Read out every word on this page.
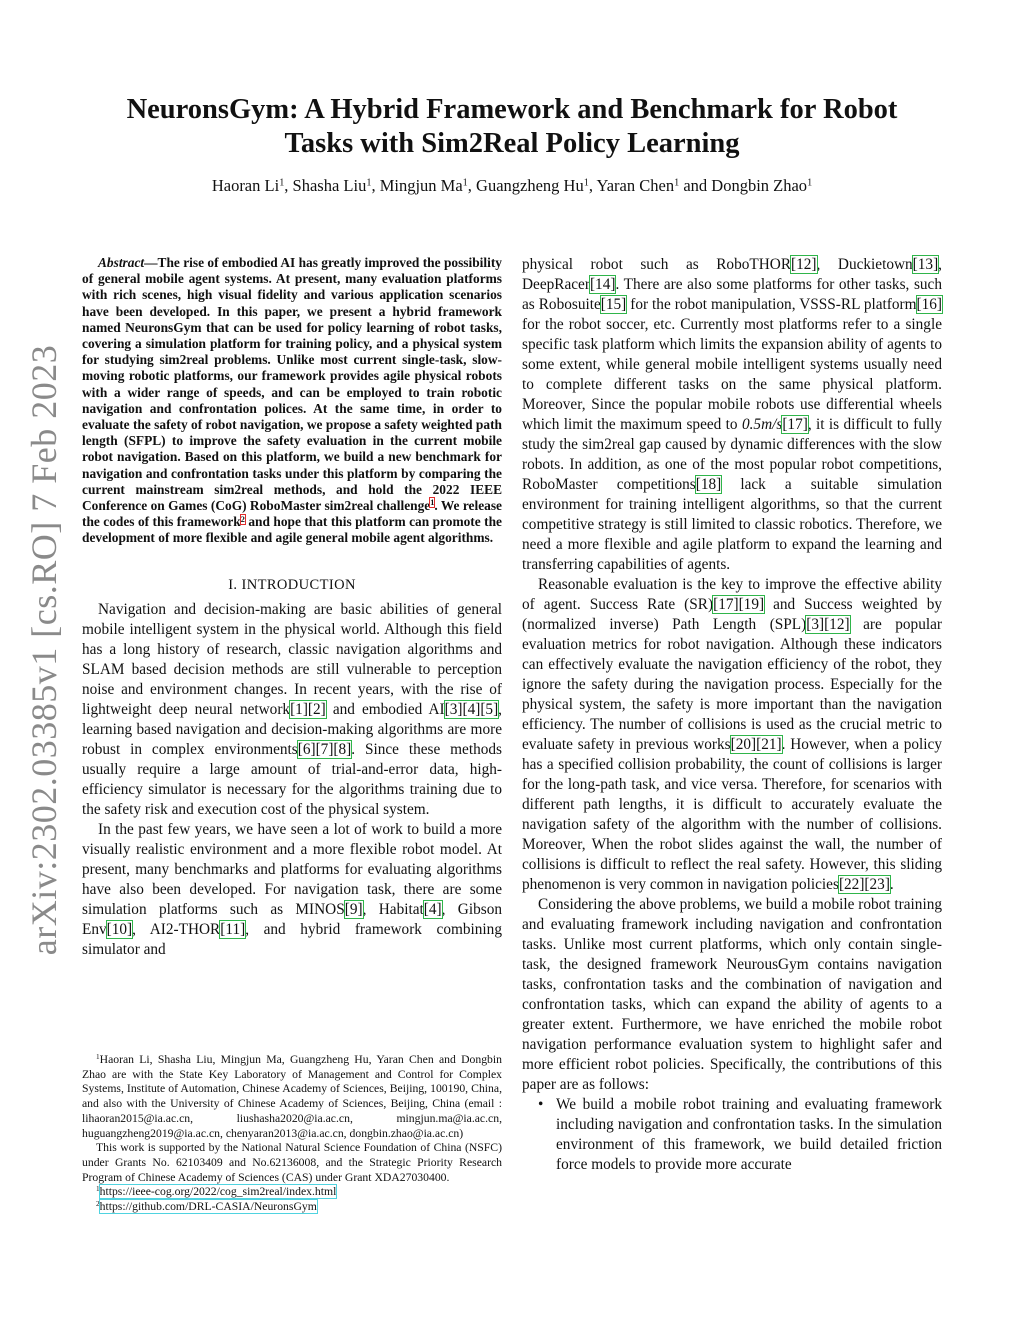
arXiv:2302.03385v1 [cs.RO] 7 Feb 2023
NeuronsGym: A Hybrid Framework and Benchmark for Robot Tasks with Sim2Real Policy Learning
Haoran Li$^1$, Shasha Liu$^1$, Mingjun Ma$^1$, Guangzheng Hu$^1$, Yaran Chen$^1$ and Dongbin Zhao$^1$

Abstract—The rise of embodied AI has greatly improved the possibility of general mobile agent systems. At present, many evaluation platforms with rich scenes, high visual fidelity and various application scenarios have been developed. In this paper, we present a hybrid framework named NeuronsGym that can be used for policy learning of robot tasks, covering a simulation platform for training policy, and a physical system for studying sim2real problems. Unlike most current single-task, slow-moving robotic platforms, our framework provides agile physical robots with a wider range of speeds, and can be employed to train robotic navigation and confrontation polices. At the same time, in order to evaluate the safety of robot navigation, we propose a safety weighted path length (SFPL) to improve the safety evaluation in the current mobile robot navigation. Based on this platform, we build a new benchmark for navigation and confrontation tasks under this platform by comparing the current mainstream sim2real methods, and hold the 2022 IEEE Conference on Games (CoG) RoboMaster sim2real challenge$^1$. We release the codes of this framework$^2$ and hope that this platform can promote the development of more flexible and agile general mobile agent algorithms.

I. INTRODUCTION

Navigation and decision-making are basic abilities of general mobile intelligent system in the physical world. Although this field has a long history of research, classic navigation algorithms and SLAM based decision methods are still vulnerable to perception noise and environment changes. In recent years, with the rise of lightweight deep neural network[1][2] and embodied AI[3][4][5], learning based navigation and decision-making algorithms are more robust in complex environments[6][7][8]. Since these methods usually require a large amount of trial-and-error data, high-efficiency simulator is necessary for the algorithms training due to the safety risk and execution cost of the physical system.

In the past few years, we have seen a lot of work to build a more visually realistic environment and a more flexible robot model. At present, many benchmarks and platforms for evaluating algorithms have also been developed. For navigation task, there are some simulation platforms such as MINOS[9], Habitat[4], Gibson Env[10], AI2-THOR[11], and hybrid framework combining simulator and

$^1$Haoran Li, Shasha Liu, Mingjun Ma, Guangzheng Hu, Yaran Chen and Dongbin Zhao are with the State Key Laboratory of Management and Control for Complex Systems, Institute of Automation, Chinese Academy of Sciences, Beijing, 100190, China, and also with the University of Chinese Academy of Sciences, Beijing, China (email : lihaoran2015@ia.ac.cn, liushasha2020@ia.ac.cn, mingjun.ma@ia.ac.cn, huguangzheng2019@ia.ac.cn, chenyaran2013@ia.ac.cn, dongbin.zhao@ia.ac.cn)

This work is supported by the National Natural Science Foundation of China (NSFC) under Grants No. 62103409 and No.62136008, and the Strategic Priority Research Program of Chinese Academy of Sciences (CAS) under Grant XDA27030400.

$^1$https://ieee-cog.org/2022/cog_sim2real/index.html

$^2$https://github.com/DRL-CASIA/NeuronsGym

physical robot such as RoboTHOR[12], Duckietown[13], DeepRacer[14]. There are also some platforms for other tasks, such as Robosuite[15] for the robot manipulation, VSSS-RL platform[16] for the robot soccer, etc. Currently most platforms refer to a single specific task platform which limits the expansion ability of agents to some extent, while general mobile intelligent systems usually need to complete different tasks on the same physical platform. Moreover, Since the popular mobile robots use differential wheels which limit the maximum speed to 0.5m/s[17], it is difficult to fully study the sim2real gap caused by dynamic differences with the slow robots. In addition, as one of the most popular robot competitions, RoboMaster competitions[18] lack a suitable simulation environment for training intelligent algorithms, so that the current competitive strategy is still limited to classic robotics. Therefore, we need a more flexible and agile platform to expand the learning and transferring capabilities of agents.

Reasonable evaluation is the key to improve the effective ability of agent. Success Rate (SR)[17][19] and Success weighted by (normalized inverse) Path Length (SPL)[3][12] are popular evaluation metrics for robot navigation. Although these indicators can effectively evaluate the navigation efficiency of the robot, they ignore the safety during the navigation process. Especially for the physical system, the safety is more important than the navigation efficiency. The number of collisions is used as the crucial metric to evaluate safety in previous works[20][21]. However, when a policy has a specified collision probability, the count of collisions is larger for the long-path task, and vice versa. Therefore, for scenarios with different path lengths, it is difficult to accurately evaluate the navigation safety of the algorithm with the number of collisions. Moreover, When the robot slides against the wall, the number of collisions is difficult to reflect the real safety. However, this sliding phenomenon is very common in navigation policies[22][23].

Considering the above problems, we build a mobile robot training and evaluating framework including navigation and confrontation tasks. Unlike most current platforms, which only contain single-task, the designed framework NeurousGym contains navigation tasks, confrontation tasks and the combination of navigation and confrontation tasks, which can expand the ability of agents to a greater extent. Furthermore, we have enriched the mobile robot navigation performance evaluation system to highlight safer and more efficient robot policies. Specifically, the contributions of this paper are as follows:

• We build a mobile robot training and evaluating framework including navigation and confrontation tasks. In the simulation environment of this framework, we build detailed friction force models to provide more accurate
